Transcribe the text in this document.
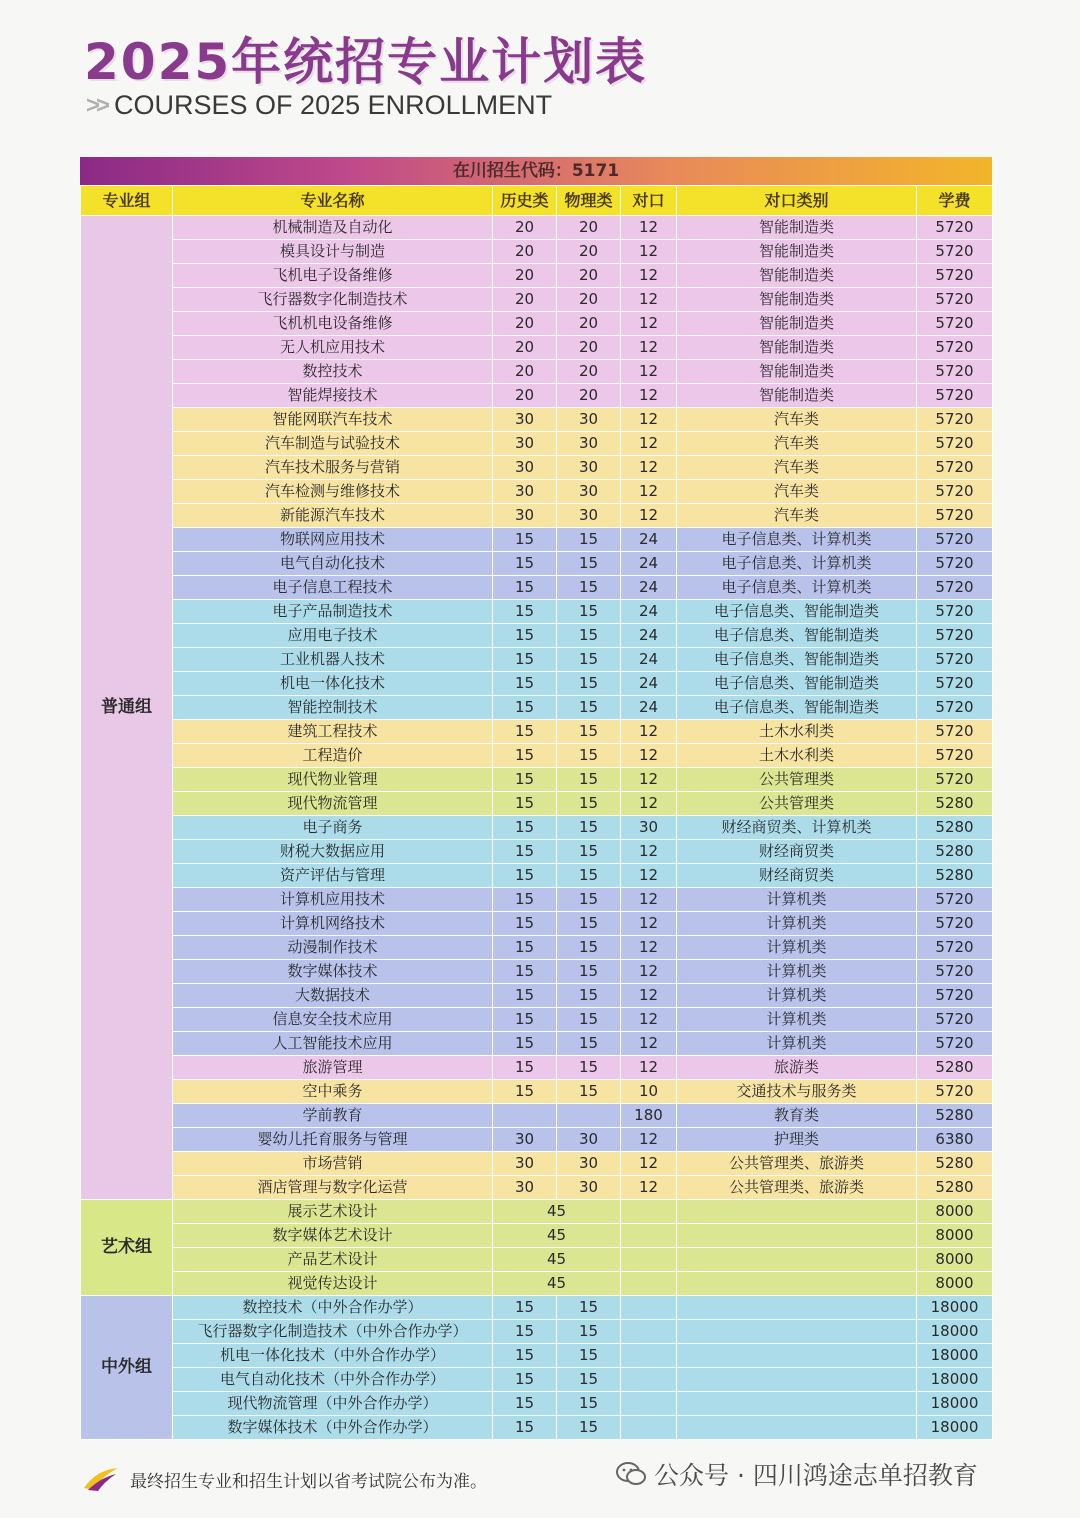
2025年统招专业计划表
>> COURSES OF 2025 ENROLLMENT
在川招生代码：5171
专业组	专业名称	历史类	物理类	对口	对口类别	学费
普通组	机械制造及自动化	20	20	12	智能制造类	5720
	模具设计与制造	20	20	12	智能制造类	5720
	飞机电子设备维修	20	20	12	智能制造类	5720
	飞行器数字化制造技术	20	20	12	智能制造类	5720
	飞机机电设备维修	20	20	12	智能制造类	5720
	无人机应用技术	20	20	12	智能制造类	5720
	数控技术	20	20	12	智能制造类	5720
	智能焊接技术	20	20	12	智能制造类	5720
	智能网联汽车技术	30	30	12	汽车类	5720
	汽车制造与试验技术	30	30	12	汽车类	5720
	汽车技术服务与营销	30	30	12	汽车类	5720
	汽车检测与维修技术	30	30	12	汽车类	5720
	新能源汽车技术	30	30	12	汽车类	5720
	物联网应用技术	15	15	24	电子信息类、计算机类	5720
	电气自动化技术	15	15	24	电子信息类、计算机类	5720
	电子信息工程技术	15	15	24	电子信息类、计算机类	5720
	电子产品制造技术	15	15	24	电子信息类、智能制造类	5720
	应用电子技术	15	15	24	电子信息类、智能制造类	5720
	工业机器人技术	15	15	24	电子信息类、智能制造类	5720
	机电一体化技术	15	15	24	电子信息类、智能制造类	5720
	智能控制技术	15	15	24	电子信息类、智能制造类	5720
	建筑工程技术	15	15	12	土木水利类	5720
	工程造价	15	15	12	土木水利类	5720
	现代物业管理	15	15	12	公共管理类	5720
	现代物流管理	15	15	12	公共管理类	5280
	电子商务	15	15	30	财经商贸类、计算机类	5280
	财税大数据应用	15	15	12	财经商贸类	5280
	资产评估与管理	15	15	12	财经商贸类	5280
	计算机应用技术	15	15	12	计算机类	5720
	计算机网络技术	15	15	12	计算机类	5720
	动漫制作技术	15	15	12	计算机类	5720
	数字媒体技术	15	15	12	计算机类	5720
	大数据技术	15	15	12	计算机类	5720
	信息安全技术应用	15	15	12	计算机类	5720
	人工智能技术应用	15	15	12	计算机类	5720
	旅游管理	15	15	12	旅游类	5280
	空中乘务	15	15	10	交通技术与服务类	5720
	学前教育			180	教育类	5280
	婴幼儿托育服务与管理	30	30	12	护理类	6380
	市场营销	30	30	12	公共管理类、旅游类	5280
	酒店管理与数字化运营	30	30	12	公共管理类、旅游类	5280
艺术组	展示艺术设计	45				8000
	数字媒体艺术设计	45				8000
	产品艺术设计	45				8000
	视觉传达设计	45				8000
中外组	数控技术（中外合作办学）	15	15			18000
	飞行器数字化制造技术（中外合作办学）	15	15			18000
	机电一体化技术（中外合作办学）	15	15			18000
	电气自动化技术（中外合作办学）	15	15			18000
	现代物流管理（中外合作办学）	15	15			18000
	数字媒体技术（中外合作办学）	15	15			18000
最终招生专业和招生计划以省考试院公布为准。	公众号 · 四川鸿途志单招教育
